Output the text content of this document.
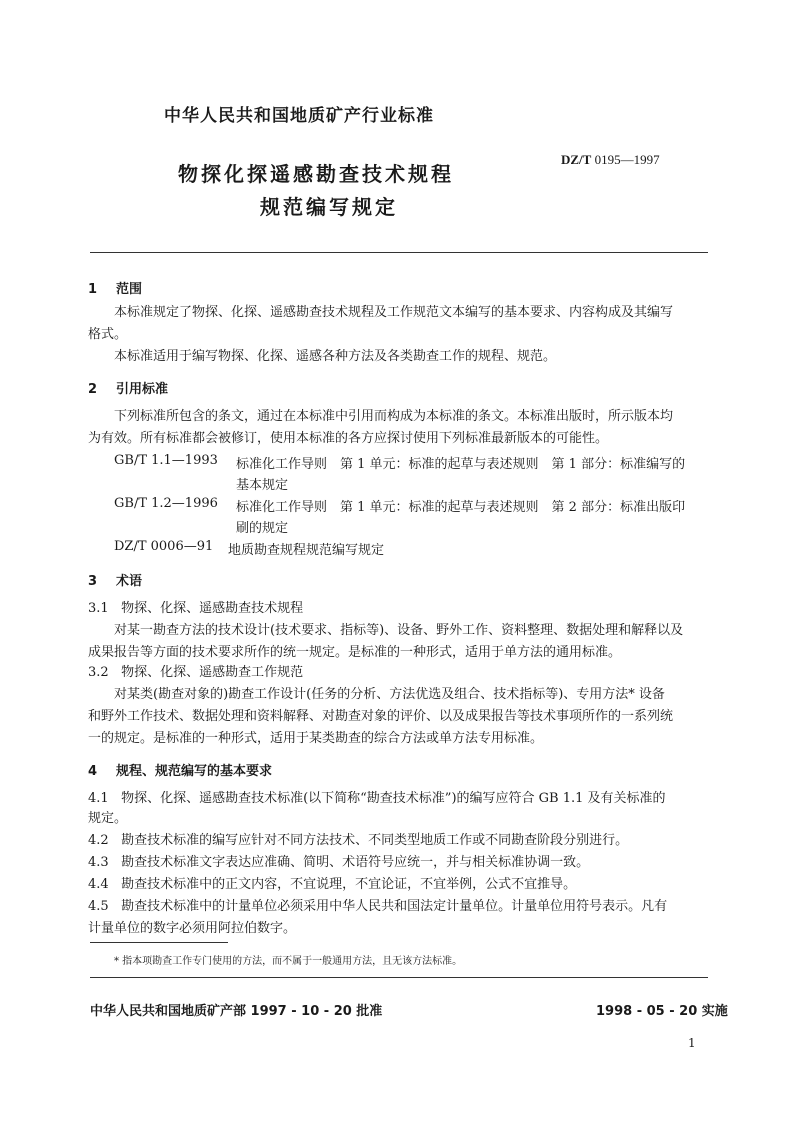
中华人民共和国地质矿产行业标准
DZ/T 0195—1997
物探化探遥感勘查技术规程
规范编写规定
1 范围
本标准规定了物探、化探、遥感勘查技术规程及工作规范文本编写的基本要求、内容构成及其编写
格式。
本标准适用于编写物探、化探、遥感各种方法及各类勘查工作的规程、规范。
2 引用标准
下列标准所包含的条文，通过在本标准中引用而构成为本标准的条文。本标准出版时，所示版本均
为有效。所有标准都会被修订，使用本标准的各方应探讨使用下列标准最新版本的可能性。
GB/T 1.1—1993 标准化工作导则　第 1 单元：标准的起草与表述规则　第 1 部分：标准编写的
基本规定
GB/T 1.2—1996 标准化工作导则　第 1 单元：标准的起草与表述规则　第 2 部分：标准出版印
刷的规定
DZ/T 0006—91 地质勘查规程规范编写规定
3 术语
3.1 物探、化探、遥感勘查技术规程
对某一勘查方法的技术设计(技术要求、指标等)、设备、野外工作、资料整理、数据处理和解释以及
成果报告等方面的技术要求所作的统一规定。是标准的一种形式，适用于单方法的通用标准。
3.2 物探、化探、遥感勘查工作规范
对某类(勘查对象的)勘查工作设计(任务的分析、方法优选及组合、技术指标等)、专用方法* 设备
和野外工作技术、数据处理和资料解释、对勘查对象的评价、以及成果报告等技术事项所作的一系列统
一的规定。是标准的一种形式，适用于某类勘查的综合方法或单方法专用标准。
4 规程、规范编写的基本要求
4.1 物探、化探、遥感勘查技术标准(以下简称“勘查技术标准”)的编写应符合 GB 1.1 及有关标准的
规定。
4.2 勘查技术标准的编写应针对不同方法技术、不同类型地质工作或不同勘查阶段分别进行。
4.3 勘查技术标准文字表达应准确、简明、术语符号应统一，并与相关标准协调一致。
4.4 勘查技术标准中的正文内容，不宜说理，不宜论证，不宜举例，公式不宜推导。
4.5 勘查技术标准中的计量单位必须采用中华人民共和国法定计量单位。计量单位用符号表示。凡有
计量单位的数字必须用阿拉伯数字。
* 指本项勘查工作专门使用的方法，而不属于一般通用方法，且无该方法标准。
中华人民共和国地质矿产部 1997 - 10 - 20 批准	1998 - 05 - 20 实施
1
